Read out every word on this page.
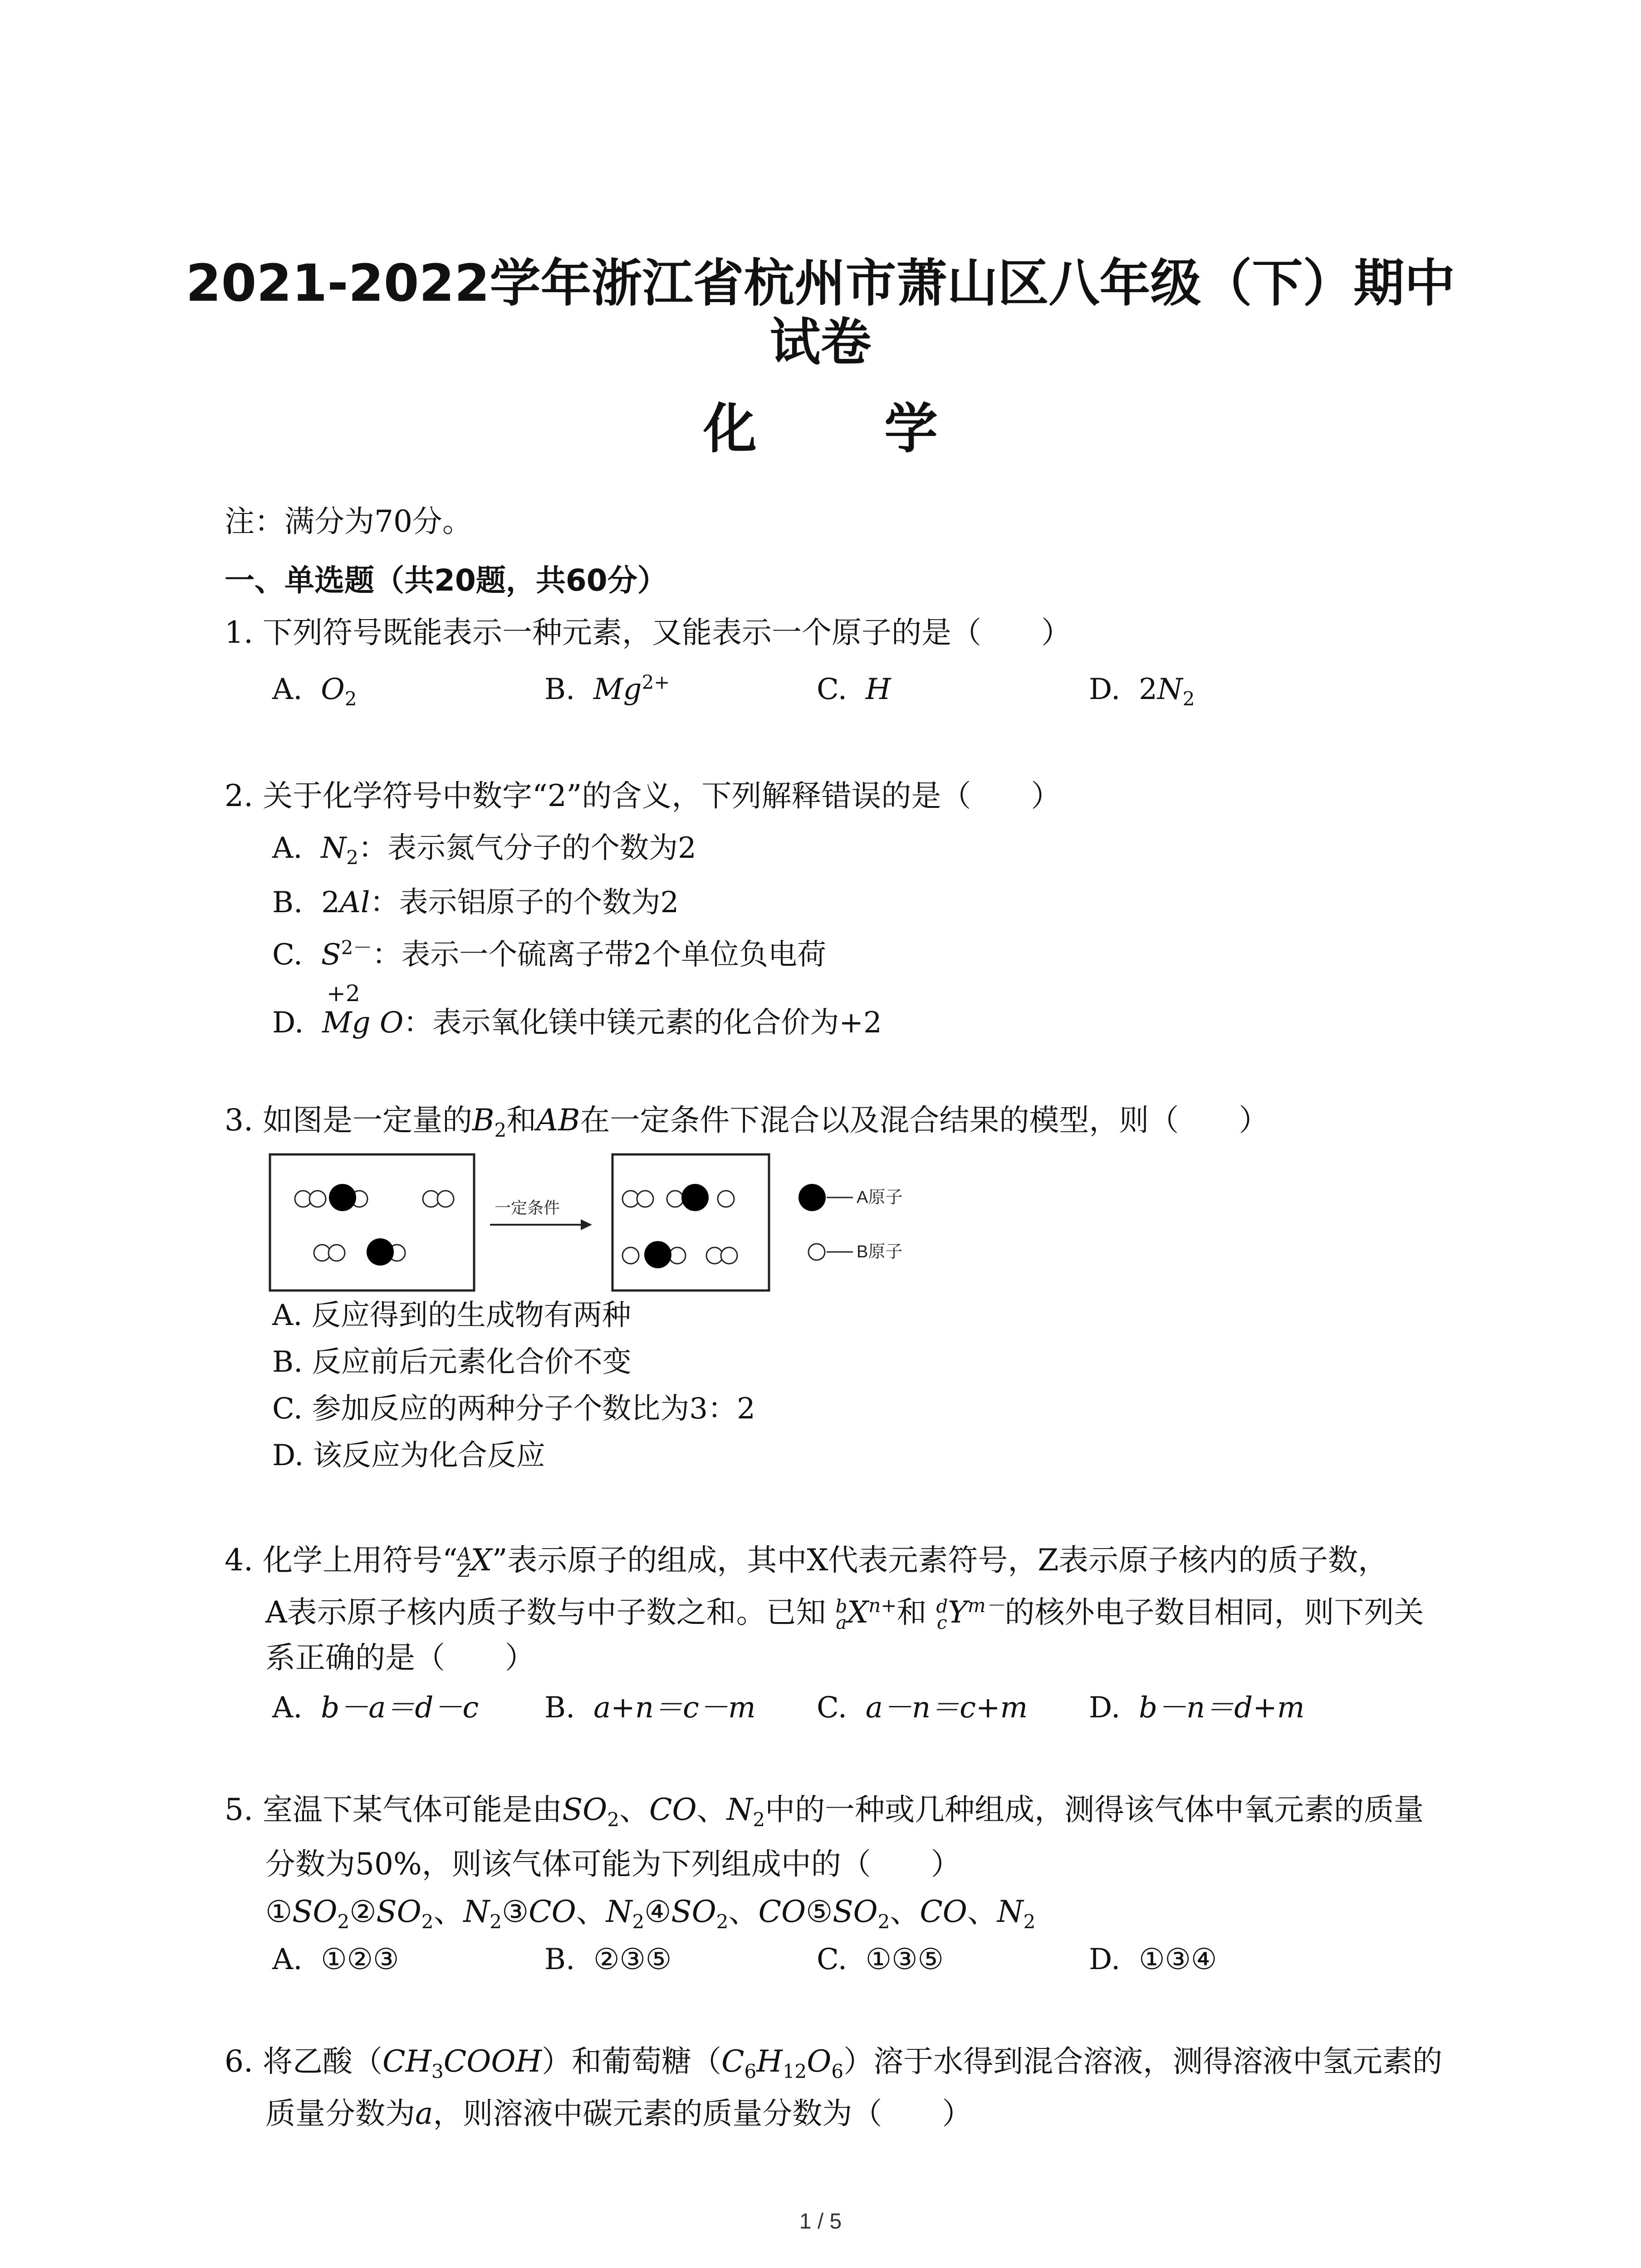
2021-2022学年浙江省杭州市萧山区八年级（下）期中
试卷
化 学
注：满分为70分。
一、单选题（共20题，共60分）
1. 下列符号既能表示一种元素，又能表示一个原子的是（　　）
A. $O_2$	B. $Mg^{2+}$	C. H	D. $2N_2$
2. 关于化学符号中数字“2”的含义，下列解释错误的是（　　）
A. $N_2$：表示氮气分子的个数为2
B. 2Al：表示铝原子的个数为2
C. $S^{2-}$：表示一个硫离子带2个单位负电荷
+2
D. Mg O：表示氧化镁中镁元素的化合价为+2
3. 如图是一定量的$B_2$和AB在一定条件下混合以及混合结果的模型，则（　　）
一定条件
A原子
B原子
A. 反应得到的生成物有两种
B. 反应前后元素化合价不变
C. 参加反应的两种分子个数比为3：2
D. 该反应为化合反应
4. 化学上用符号“ A
Z X”表示原子的组成，其中X代表元素符号，Z表示原子核内的质子数，
A表示原子核内质子数与中子数之和。已知 b
a $X^{n+}$和 d
c $Y^{m-}$的核外电子数目相同，则下列关
系正确的是（　　）
A. b－a＝d－c B. a+n＝c－m C. a－n＝c+m D. b－n＝d+m
5. 室温下某气体可能是由$SO_2$、CO、$N_2$中的一种或几种组成，测得该气体中氧元素的质量
分数为50%，则该气体可能为下列组成中的（　　）
$①SO_2②SO_2$、$N_2③CO$、$N_2④SO_2$、$CO⑤SO_2$、CO、$N_2$
A. ①②③	B. ②③⑤	C. ①③⑤	D. ①③④
6. 将乙酸$(CH_3COOH)$和葡萄糖$(C_6H_{12}O_6)$溶于水得到混合溶液，测得溶液中氢元素的
质量分数为a，则溶液中碳元素的质量分数为（　　）
1 / 5
